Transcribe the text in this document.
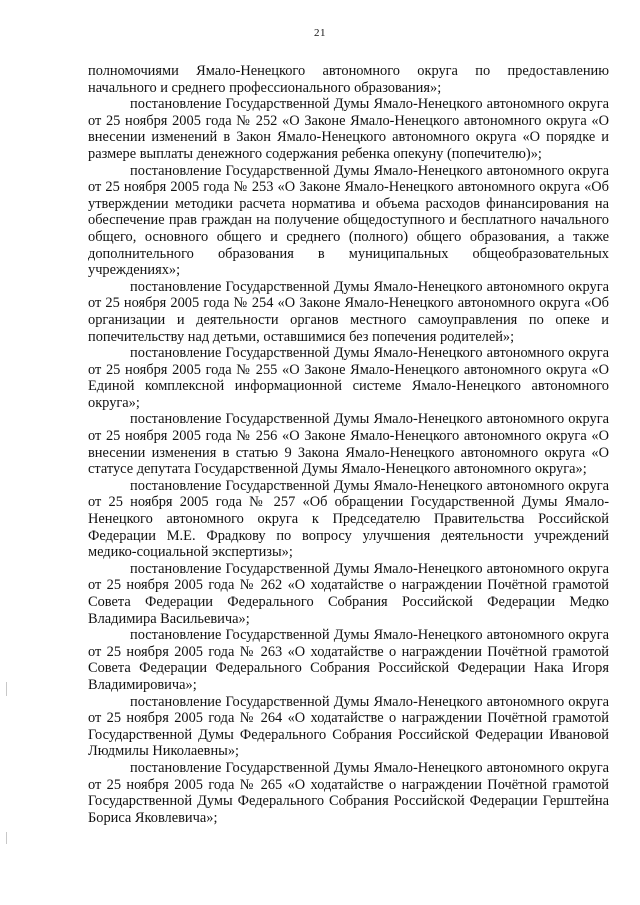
21

полномочиями Ямало-Ненецкого автономного округа по предоставлению начального и среднего профессионального образования»;

постановление Государственной Думы Ямало-Ненецкого автономного округа от 25 ноября 2005 года № 252 «О Законе Ямало-Ненецкого автономного округа «О внесении изменений в Закон Ямало-Ненецкого автономного округа «О порядке и размере выплаты денежного содержания ребенка опекуну (попечителю)»;

постановление Государственной Думы Ямало-Ненецкого автономного округа от 25 ноября 2005 года № 253 «О Законе Ямало-Ненецкого автономного округа «Об утверждении методики расчета норматива и объема расходов финансирования на обеспечение прав граждан на получение общедоступного и бесплатного начального общего, основного общего и среднего (полного) общего образования, а также дополнительного образования в муниципальных общеобразовательных учреждениях»;

постановление Государственной Думы Ямало-Ненецкого автономного округа от 25 ноября 2005 года № 254 «О Законе Ямало-Ненецкого автономного округа «Об организации и деятельности органов местного самоуправления по опеке и попечительству над детьми, оставшимися без попечения родителей»;

постановление Государственной Думы Ямало-Ненецкого автономного округа от 25 ноября 2005 года № 255 «О Законе Ямало-Ненецкого автономного округа «О Единой комплексной информационной системе Ямало-Ненецкого автономного округа»;

постановление Государственной Думы Ямало-Ненецкого автономного округа от 25 ноября 2005 года № 256 «О Законе Ямало-Ненецкого автономного округа «О внесении изменения в статью 9 Закона Ямало-Ненецкого автономного округа «О статусе депутата Государственной Думы Ямало-Ненецкого автономного округа»;

постановление Государственной Думы Ямало-Ненецкого автономного округа от 25 ноября 2005 года № 257 «Об обращении Государственной Думы Ямало-Ненецкого автономного округа к Председателю Правительства Российской Федерации М.Е. Фрадкову по вопросу улучшения деятельности учреждений медико-социальной экспертизы»;

постановление Государственной Думы Ямало-Ненецкого автономного округа от 25 ноября 2005 года № 262 «О ходатайстве о награждении Почётной грамотой Совета Федерации Федерального Собрания Российской Федерации Медко Владимира Васильевича»;

постановление Государственной Думы Ямало-Ненецкого автономного округа от 25 ноября 2005 года № 263 «О ходатайстве о награждении Почётной грамотой Совета Федерации Федерального Собрания Российской Федерации Нака Игоря Владимировича»;

постановление Государственной Думы Ямало-Ненецкого автономного округа от 25 ноября 2005 года № 264 «О ходатайстве о награждении Почётной грамотой Государственной Думы Федерального Собрания Российской Федерации Ивановой Людмилы Николаевны»;

постановление Государственной Думы Ямало-Ненецкого автономного округа от 25 ноября 2005 года № 265 «О ходатайстве о награждении Почётной грамотой Государственной Думы Федерального Собрания Российской Федерации Герштейна Бориса Яковлевича»;
